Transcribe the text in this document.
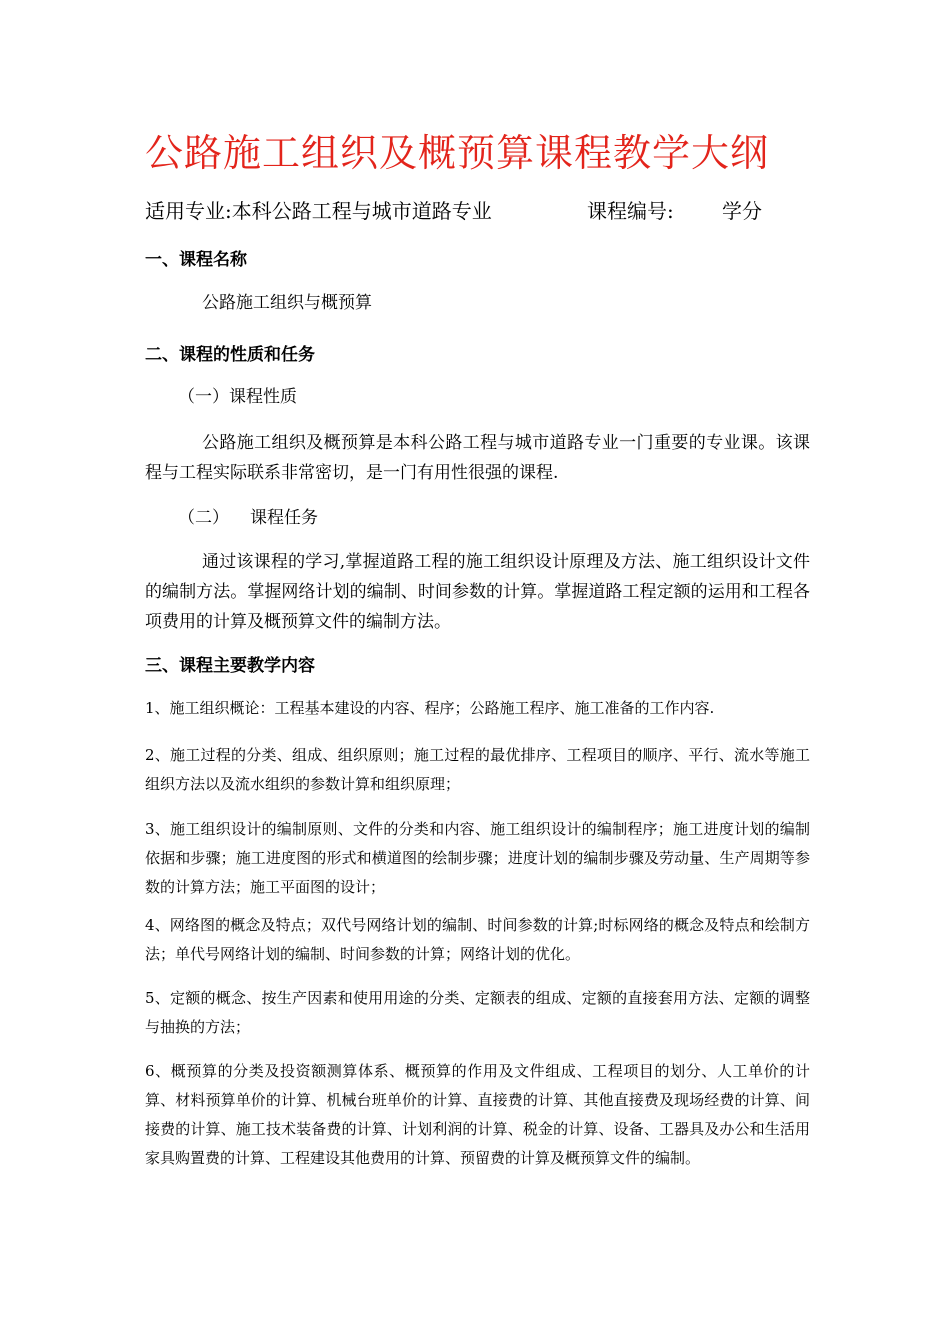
公路施工组织及概预算课程教学大纲
适用专业:本科公路工程与城市道路专业	课程编号: 学分
一、课程名称
公路施工组织与概预算
二、课程的性质和任务
（一）课程性质
公路施工组织及概预算是本科公路工程与城市道路专业一门重要的专业课。该课程与工程实际联系非常密切，是一门有用性很强的课程.
（二） 课程任务
通过该课程的学习,掌握道路工程的施工组织设计原理及方法、施工组织设计文件的编制方法。掌握网络计划的编制、时间参数的计算。掌握道路工程定额的运用和工程各项费用的计算及概预算文件的编制方法。
三、课程主要教学内容
1、施工组织概论：工程基本建设的内容、程序；公路施工程序、施工准备的工作内容.
2、施工过程的分类、组成、组织原则；施工过程的最优排序、工程项目的顺序、平行、流水等施工组织方法以及流水组织的参数计算和组织原理；
3、施工组织设计的编制原则、文件的分类和内容、施工组织设计的编制程序；施工进度计划的编制依据和步骤；施工进度图的形式和横道图的绘制步骤；进度计划的编制步骤及劳动量、生产周期等参数的计算方法；施工平面图的设计；
4、网络图的概念及特点；双代号网络计划的编制、时间参数的计算;时标网络的概念及特点和绘制方法；单代号网络计划的编制、时间参数的计算；网络计划的优化。
5、定额的概念、按生产因素和使用用途的分类、定额表的组成、定额的直接套用方法、定额的调整与抽换的方法；
6、概预算的分类及投资额测算体系、概预算的作用及文件组成、工程项目的划分、人工单价的计算、材料预算单价的计算、机械台班单价的计算、直接费的计算、其他直接费及现场经费的计算、间接费的计算、施工技术装备费的计算、计划利润的计算、税金的计算、设备、工器具及办公和生活用家具购置费的计算、工程建设其他费用的计算、预留费的计算及概预算文件的编制。
